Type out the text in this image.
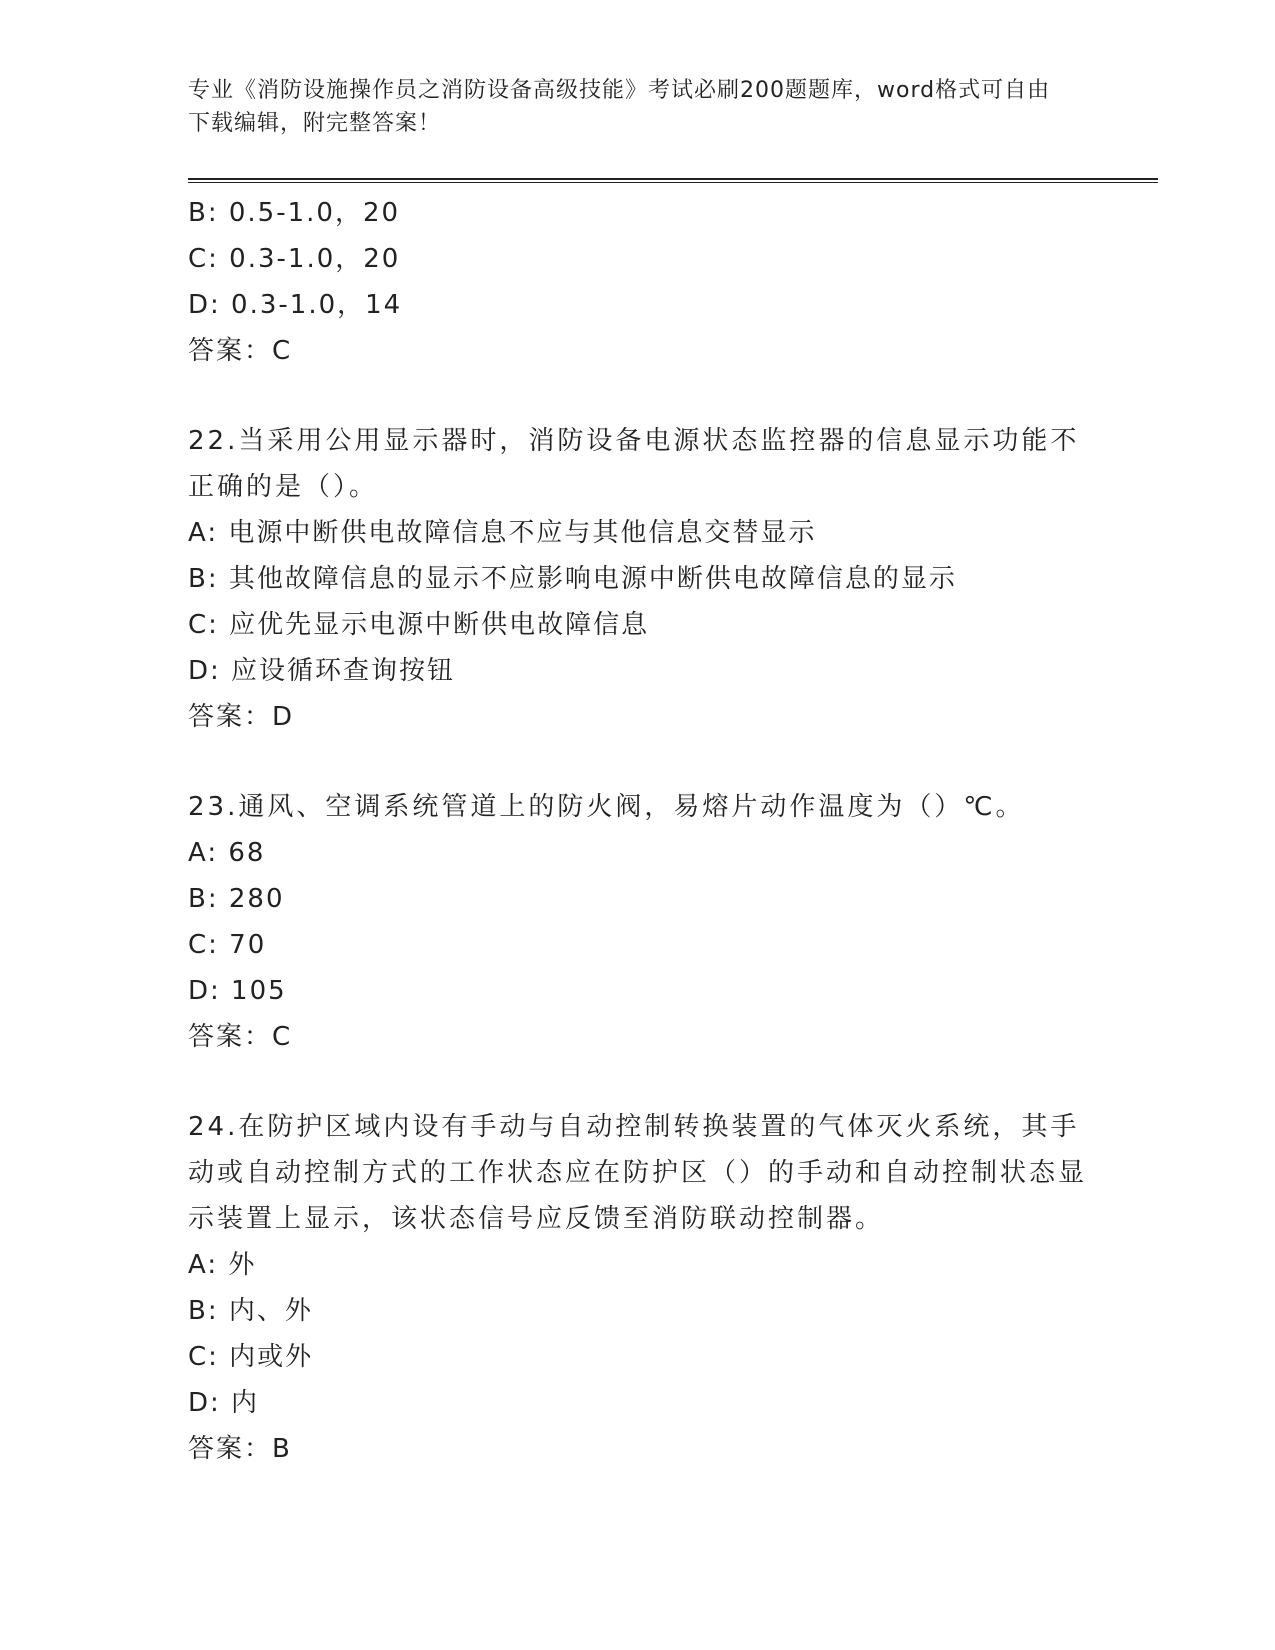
专业《消防设施操作员之消防设备高级技能》考试必刷200题题库，word格式可自由下载编辑，附完整答案！
B: 0.5-1.0，20
C: 0.3-1.0，20
D: 0.3-1.0，14
答案：C
22.当采用公用显示器时，消防设备电源状态监控器的信息显示功能不正确的是（）。
A: 电源中断供电故障信息不应与其他信息交替显示
B: 其他故障信息的显示不应影响电源中断供电故障信息的显示
C: 应优先显示电源中断供电故障信息
D: 应设循环查询按钮
答案：D
23.通风、空调系统管道上的防火阀，易熔片动作温度为（）℃。
A: 68
B: 280
C: 70
D: 105
答案：C
24.在防护区域内设有手动与自动控制转换装置的气体灭火系统，其手动或自动控制方式的工作状态应在防护区（）的手动和自动控制状态显示装置上显示，该状态信号应反馈至消防联动控制器。
A: 外
B: 内、外
C: 内或外
D: 内
答案：B
